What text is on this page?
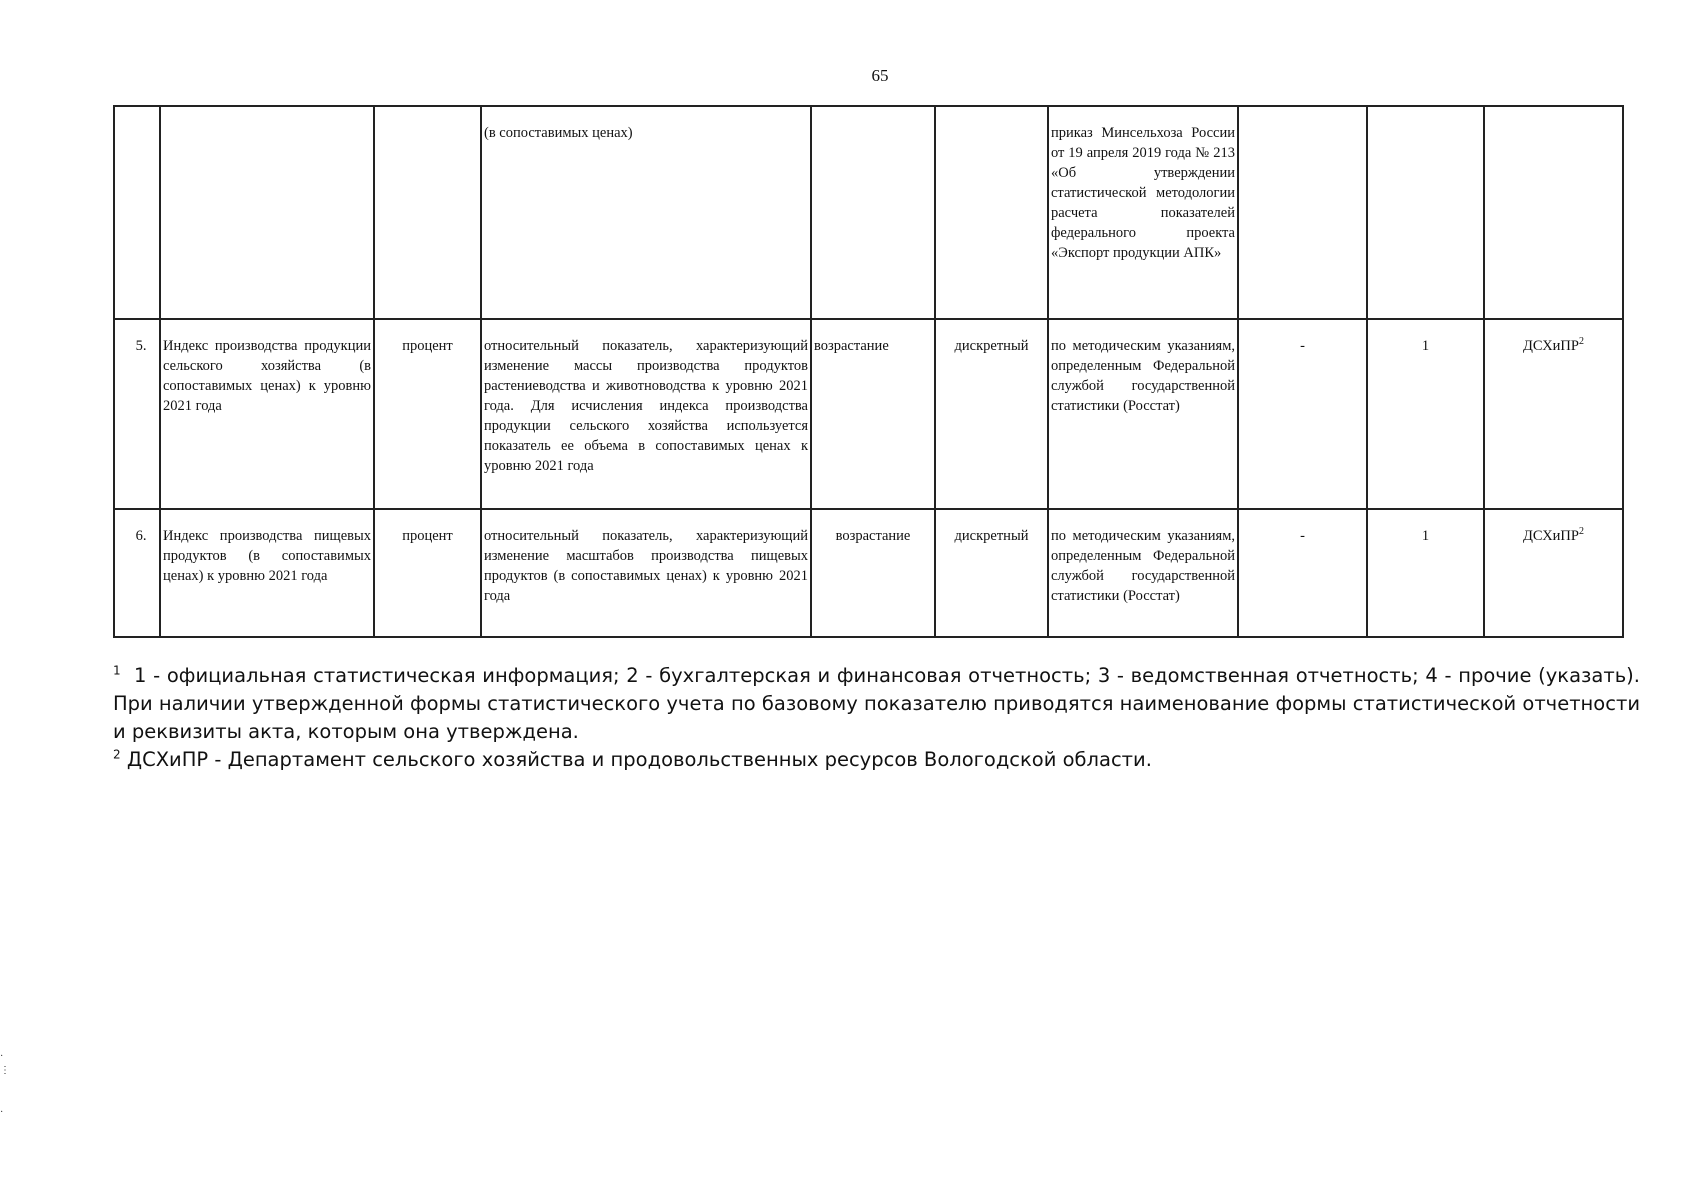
65
			(в сопоставимых ценах)			приказ Минсельхоза России от 19 апреля 2019 года № 213 «Об утверждении статистической методологии расчета показателей федерального проекта «Экспорт продукции АПК»			
5.	Индекс производства продукции сельского хозяйства (в сопоставимых ценах) к уровню 2021 года	процент	относительный показатель, характеризующий изменение массы производства продуктов растениеводства и животноводства к уровню 2021 года. Для исчисления индекса производства продукции сельского хозяйства используется показатель ее объема в сопоставимых ценах к уровню 2021 года	возрастание	дискретный	по методическим указаниям, определенным Федеральной службой государственной статистики (Росстат)	-	1	ДСХиПР$^2$
6.	Индекс производства пищевых продуктов (в сопоставимых ценах) к уровню 2021 года	процент	относительный показатель, характеризующий изменение масштабов производства пищевых продуктов (в сопоставимых ценах) к уровню 2021 года	возрастание	дискретный	по методическим указаниям, определенным Федеральной службой государственной статистики (Росстат)	-	1	ДСХиПР$^2$

$^1$ 1 - официальная статистическая информация; 2 - бухгалтерская и финансовая отчетность; 3 - ведомственная отчетность; 4 - прочие (указать). При наличии утвержденной формы статистического учета по базовому показателю приводятся наименование формы статистической отчетности и реквизиты акта, которым она утверждена.

$^2$ ДСХиПР - Департамент сельского хозяйства и продовольственных ресурсов Вологодской области.

·
⋮

·
